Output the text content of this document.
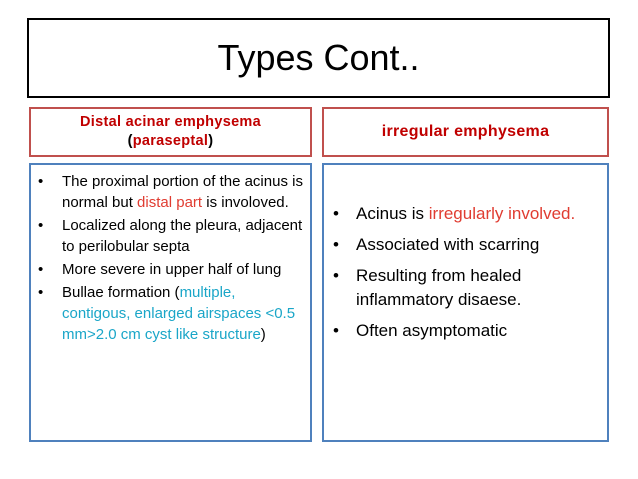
Types Cont..
Distal acinar emphysema
(paraseptal)
irregular emphysema
• The proximal portion of the acinus is normal but distal part is involoved.
• Localized along the pleura, adjacent to perilobular septa
• More severe in upper half of lung
• Bullae formation (multiple, contigous, enlarged airspaces <0.5 mm>2.0 cm cyst like structure)
• Acinus is irregularly involved.
• Associated with scarring
• Resulting from healed inflammatory disaese.
• Often asymptomatic
